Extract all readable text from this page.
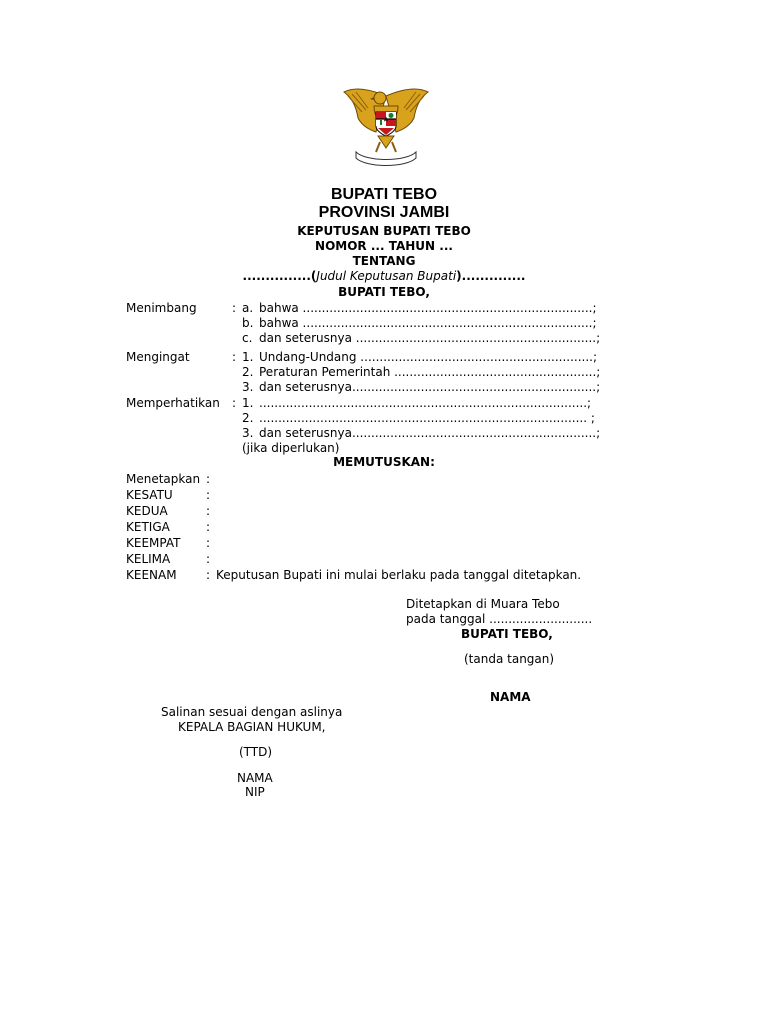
BUPATI TEBO
PROVINSI JAMBI
KEPUTUSAN BUPATI TEBO
NOMOR ... TAHUN ...
TENTANG
...............(Judul Keputusan Bupati)..............
BUPATI TEBO,
Menimbang	: a. bahwa ............................................................................;
b. bahwa ............................................................................;
c. dan seterusnya ...............................................................;
Mengingat	: 1. Undang-Undang .............................................................;
2. Peraturan Pemerintah .....................................................;
3. dan seterusnya................................................................;
Memperhatikan : 1. ......................................................................................;
2. ...................................................................................... ;
3. dan seterusnya................................................................;
(jika diperlukan)
MEMUTUSKAN:
Menetapkan :
KESATU	:
KEDUA	:
KETIGA	:
KEEMPAT :
KELIMA	:
KEENAM : Keputusan Bupati ini mulai berlaku pada tanggal ditetapkan.
Ditetapkan di Muara Tebo
pada tanggal ...........................
BUPATI TEBO,
(tanda tangan)
NAMA
Salinan sesuai dengan aslinya
KEPALA BAGIAN HUKUM,
(TTD)
NAMA
NIP
